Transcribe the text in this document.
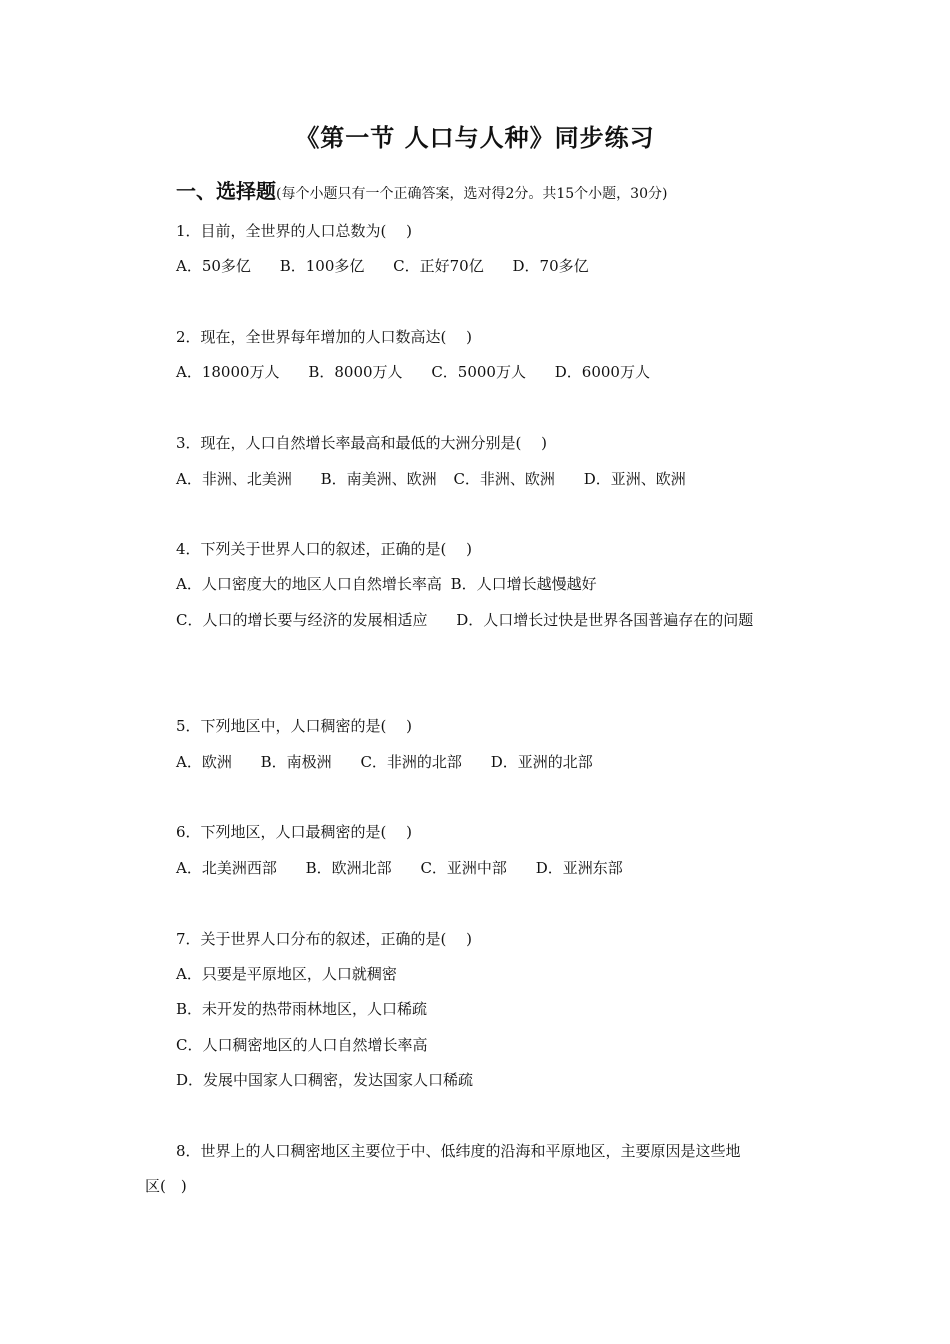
《第一节 人口与人种》同步练习
一、选择题(每个小题只有一个正确答案，选对得2分。共15个小题，30分)
1．目前，全世界的人口总数为(　 )
A．50多亿 B．100多亿 C．正好70亿 D．70多亿
2．现在，全世界每年增加的人口数高达(　 )
A．18000万人 B．8000万人 C．5000万人 D．6000万人
3．现在，人口自然增长率最高和最低的大洲分别是(　 )
A．非洲、北美洲 B．南美洲、欧洲 C．非洲、欧洲 D．亚洲、欧洲
4．下列关于世界人口的叙述，正确的是(　 )
A．人口密度大的地区人口自然增长率高 B．人口增长越慢越好
C．人口的增长要与经济的发展相适应 D．人口增长过快是世界各国普遍存在的问题
5．下列地区中，人口稠密的是(　 )
A．欧洲 B．南极洲 C．非洲的北部 D．亚洲的北部
6．下列地区，人口最稠密的是(　 )
A．北美洲西部 B．欧洲北部 C．亚洲中部 D．亚洲东部
7．关于世界人口分布的叙述，正确的是(　 )
A．只要是平原地区，人口就稠密
B．未开发的热带雨林地区，人口稀疏
C．人口稠密地区的人口自然增长率高
D．发展中国家人口稠密，发达国家人口稀疏
8．世界上的人口稠密地区主要位于中、低纬度的沿海和平原地区，主要原因是这些地
区(　)
